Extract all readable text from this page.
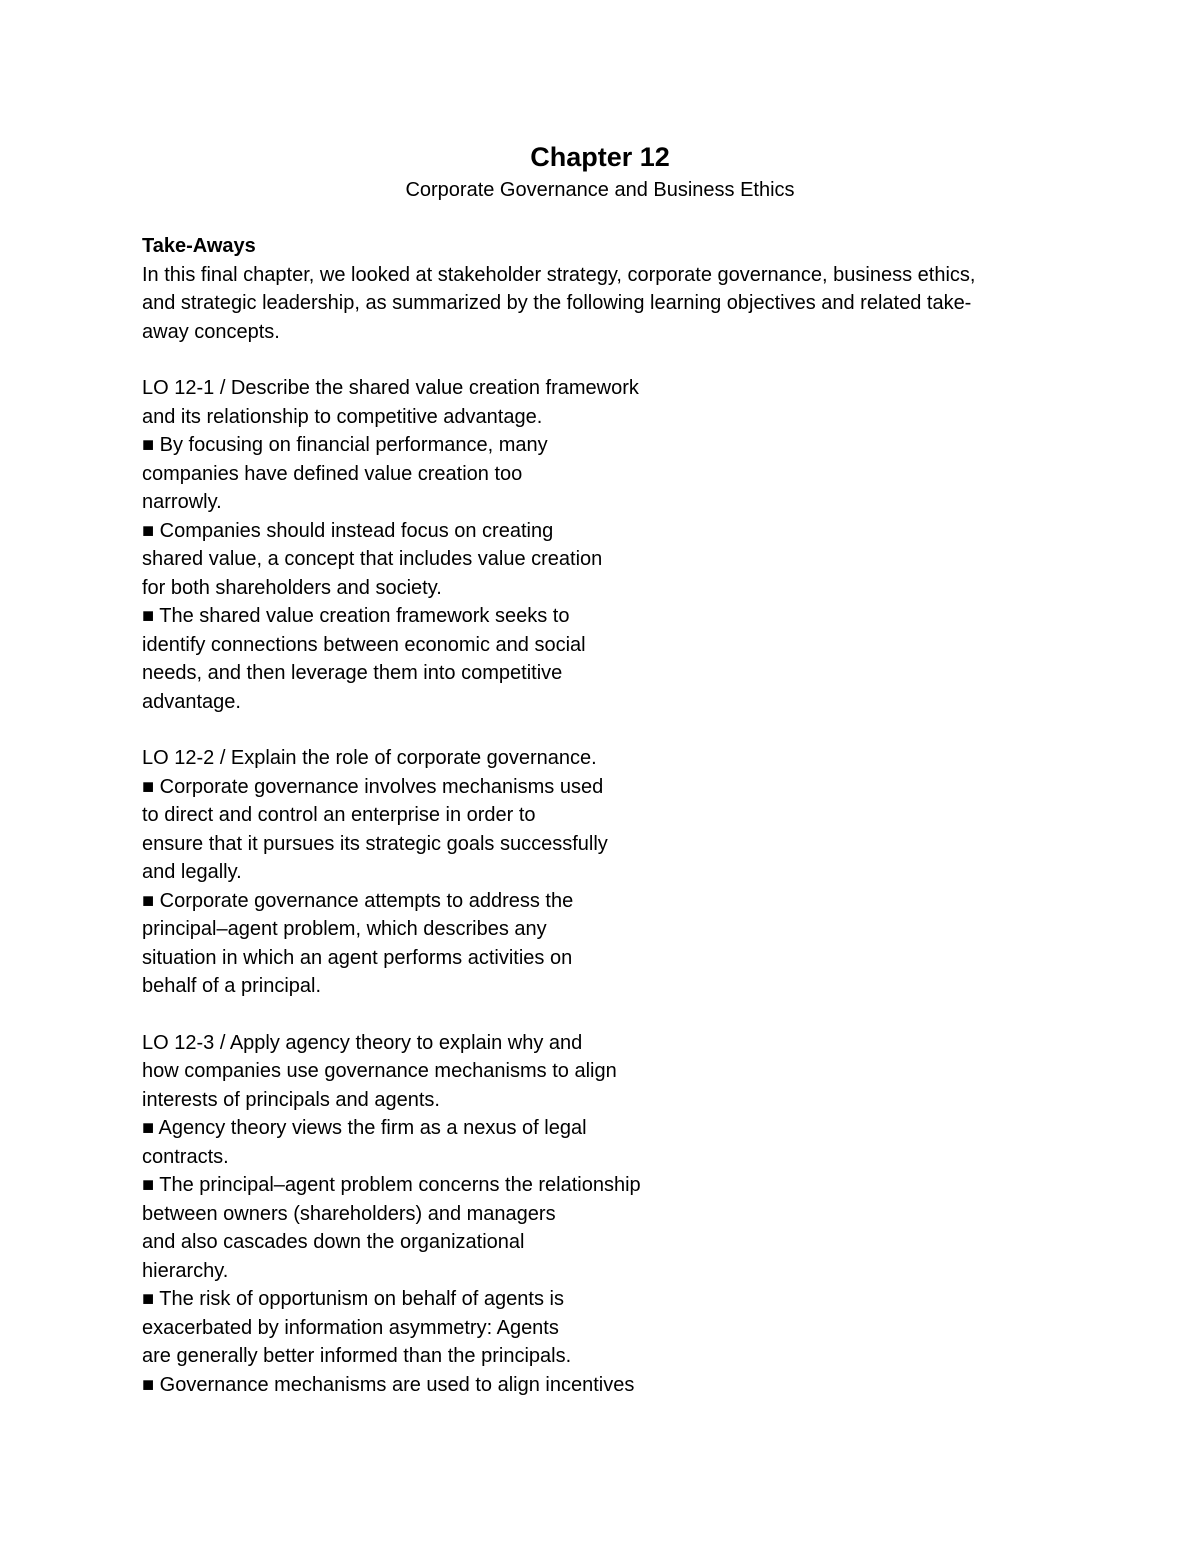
Chapter 12

Corporate Governance and Business Ethics

Take-Aways
In this final chapter, we looked at stakeholder strategy, corporate governance, business ethics,
and strategic leadership, as summarized by the following learning objectives and related take-
away concepts.
LO 12-1 / Describe the shared value creation framework
and its relationship to competitive advantage.
■ By focusing on financial performance, many
companies have defined value creation too
narrowly.
■ Companies should instead focus on creating
shared value, a concept that includes value creation
for both shareholders and society.
■ The shared value creation framework seeks to
identify connections between economic and social
needs, and then leverage them into competitive
advantage.
LO 12-2 / Explain the role of corporate governance.
■ Corporate governance involves mechanisms used
to direct and control an enterprise in order to
ensure that it pursues its strategic goals successfully
and legally.
■ Corporate governance attempts to address the
principal–agent problem, which describes any
situation in which an agent performs activities on
behalf of a principal.
LO 12-3 / Apply agency theory to explain why and
how companies use governance mechanisms to align
interests of principals and agents.
■ Agency theory views the firm as a nexus of legal
contracts.
■ The principal–agent problem concerns the relationship
between owners (shareholders) and managers
and also cascades down the organizational
hierarchy.
■ The risk of opportunism on behalf of agents is
exacerbated by information asymmetry: Agents
are generally better informed than the principals.
■ Governance mechanisms are used to align incentives
